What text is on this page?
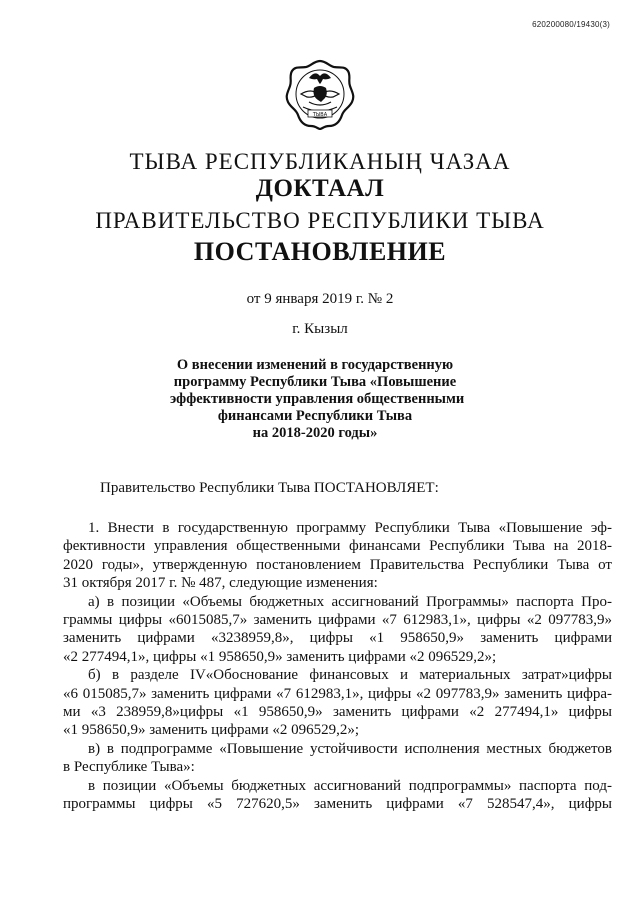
620200080/19430(3)
ТЫВА
ТЫВА РЕСПУБЛИКАНЫҢ ЧАЗАА
ДОКТААЛ
ПРАВИТЕЛЬСТВО РЕСПУБЛИКИ ТЫВА
ПОСТАНОВЛЕНИЕ
от 9 января 2019 г. № 2
г. Кызыл
О внесении изменений в государственную
программу Республики Тыва «Повышение
эффективности управления общественными
финансами Республики Тыва
на 2018-2020 годы»
Правительство Республики Тыва ПОСТАНОВЛЯЕТ:
1. Внести в государственную программу Республики Тыва «Повышение эф-
фективности управления общественными финансами Республики Тыва на 2018-
2020 годы», утвержденную постановлением Правительства Республики Тыва от
31 октября 2017 г. № 487, следующие изменения:
а) в позиции «Объемы бюджетных ассигнований Программы» паспорта Про-
граммы цифры «6015085,7» заменить цифрами «7 612983,1», цифры «2 097783,9»
заменить цифрами «3238959,8», цифры «1 958650,9» заменить цифрами
«2 277494,1», цифры «1 958650,9» заменить цифрами «2 096529,2»;
б) в разделе IV«Обоснование финансовых и материальных затрат»цифры
«6 015085,7» заменить цифрами «7 612983,1», цифры «2 097783,9» заменить цифра-
ми «3 238959,8»цифры «1 958650,9» заменить цифрами «2 277494,1» цифры
«1 958650,9» заменить цифрами «2 096529,2»;
в) в подпрограмме «Повышение устойчивости исполнения местных бюджетов
в Республике Тыва»:
в позиции «Объемы бюджетных ассигнований подпрограммы» паспорта под-
программы цифры «5 727620,5» заменить цифрами «7 528547,4», цифры
